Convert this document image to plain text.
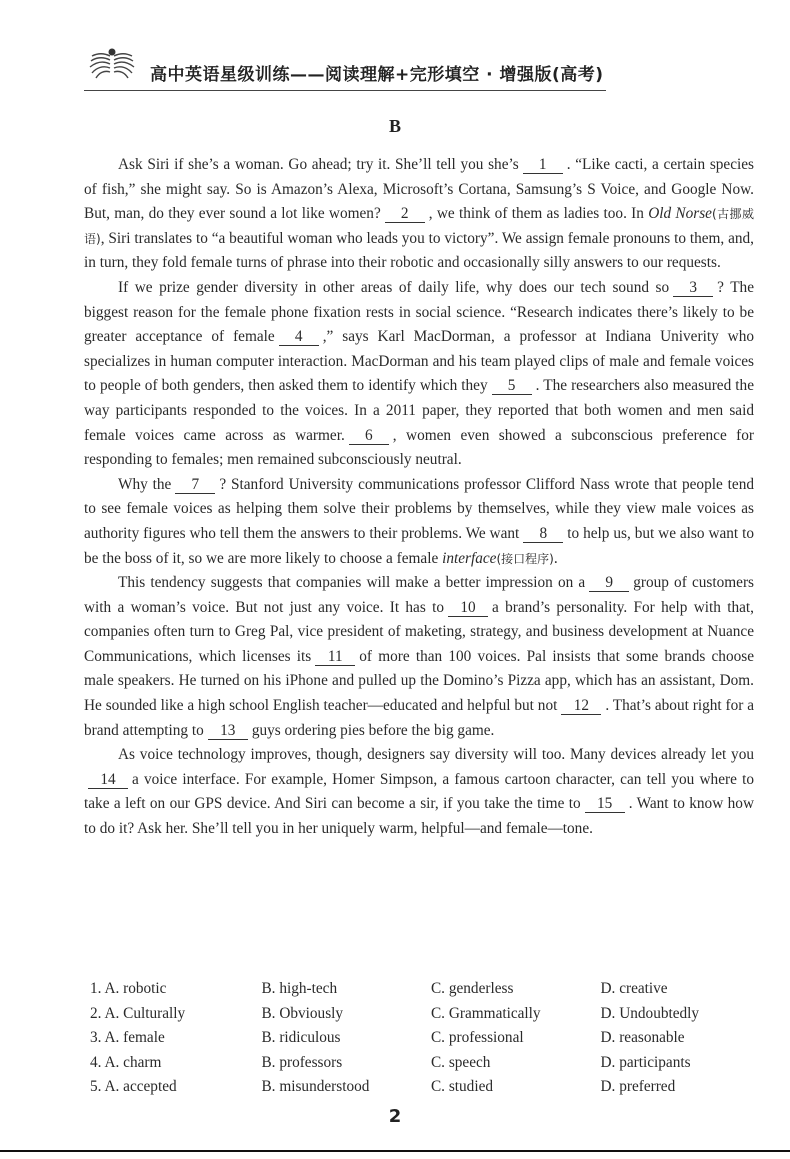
高中英语星级训练——阅读理解+完形填空 · 增强版(高考)
B

Ask Siri if she’s a woman. Go ahead; try it. She’ll tell you she’s 1 . “Like cacti, a certain species of fish,” she might say. So is Amazon’s Alexa, Microsoft’s Cortana, Samsung’s S Voice, and Google Now. But, man, do they ever sound a lot like women? 2 , we think of them as ladies too. In Old Norse(古挪威语), Siri translates to “a beautiful woman who leads you to victory”. We assign female pronouns to them, and, in turn, they fold female turns of phrase into their robotic and occasionally silly answers to our requests.

If we prize gender diversity in other areas of daily life, why does our tech sound so 3 ? The biggest reason for the female phone fixation rests in social science. “Research indicates there’s likely to be greater acceptance of female 4 ,” says Karl MacDorman, a professor at Indiana Univerity who specializes in human computer interaction. MacDorman and his team played clips of male and female voices to people of both genders, then asked them to identify which they 5 . The researchers also measured the way participants responded to the voices. In a 2011 paper, they reported that both women and men said female voices came across as warmer. 6 , women even showed a subconscious preference for responding to females; men remained subconsciously neutral.

Why the 7 ? Stanford University communications professor Clifford Nass wrote that people tend to see female voices as helping them solve their problems by themselves, while they view male voices as authority figures who tell them the answers to their problems. We want 8 to help us, but we also want to be the boss of it, so we are more likely to choose a female interface(接口程序).

This tendency suggests that companies will make a better impression on a 9 group of customers with a woman’s voice. But not just any voice. It has to 10 a brand’s personality. For help with that, companies often turn to Greg Pal, vice president of maketing, strategy, and business development at Nuance Communications, which licenses its 11 of more than 100 voices. Pal insists that some brands choose male speakers. He turned on his iPhone and pulled up the Domino’s Pizza app, which has an assistant, Dom. He sounded like a high school English teacher—educated and helpful but not 12 . That’s about right for a brand attempting to 13 guys ordering pies before the big game.

As voice technology improves, though, designers say diversity will too. Many devices already let you14 a voice interface. For example, Homer Simpson, a famous cartoon character, can tell you where to take a left on our GPS device. And Siri can become a sir, if you take the time to 15 . Want to know how to do it? Ask her. She’ll tell you in her uniquely warm, helpful—and female—tone.

1. A. robotic	B. high-tech	C. genderless	D. creative
2. A. Culturally	B. Obviously	C. Grammatically	D. Undoubtedly
3. A. female	B. ridiculous	C. professional	D. reasonable
4. A. charm	B. professors	C. speech	D. participants
5. A. accepted	B. misunderstood	C. studied	D. preferred
2
